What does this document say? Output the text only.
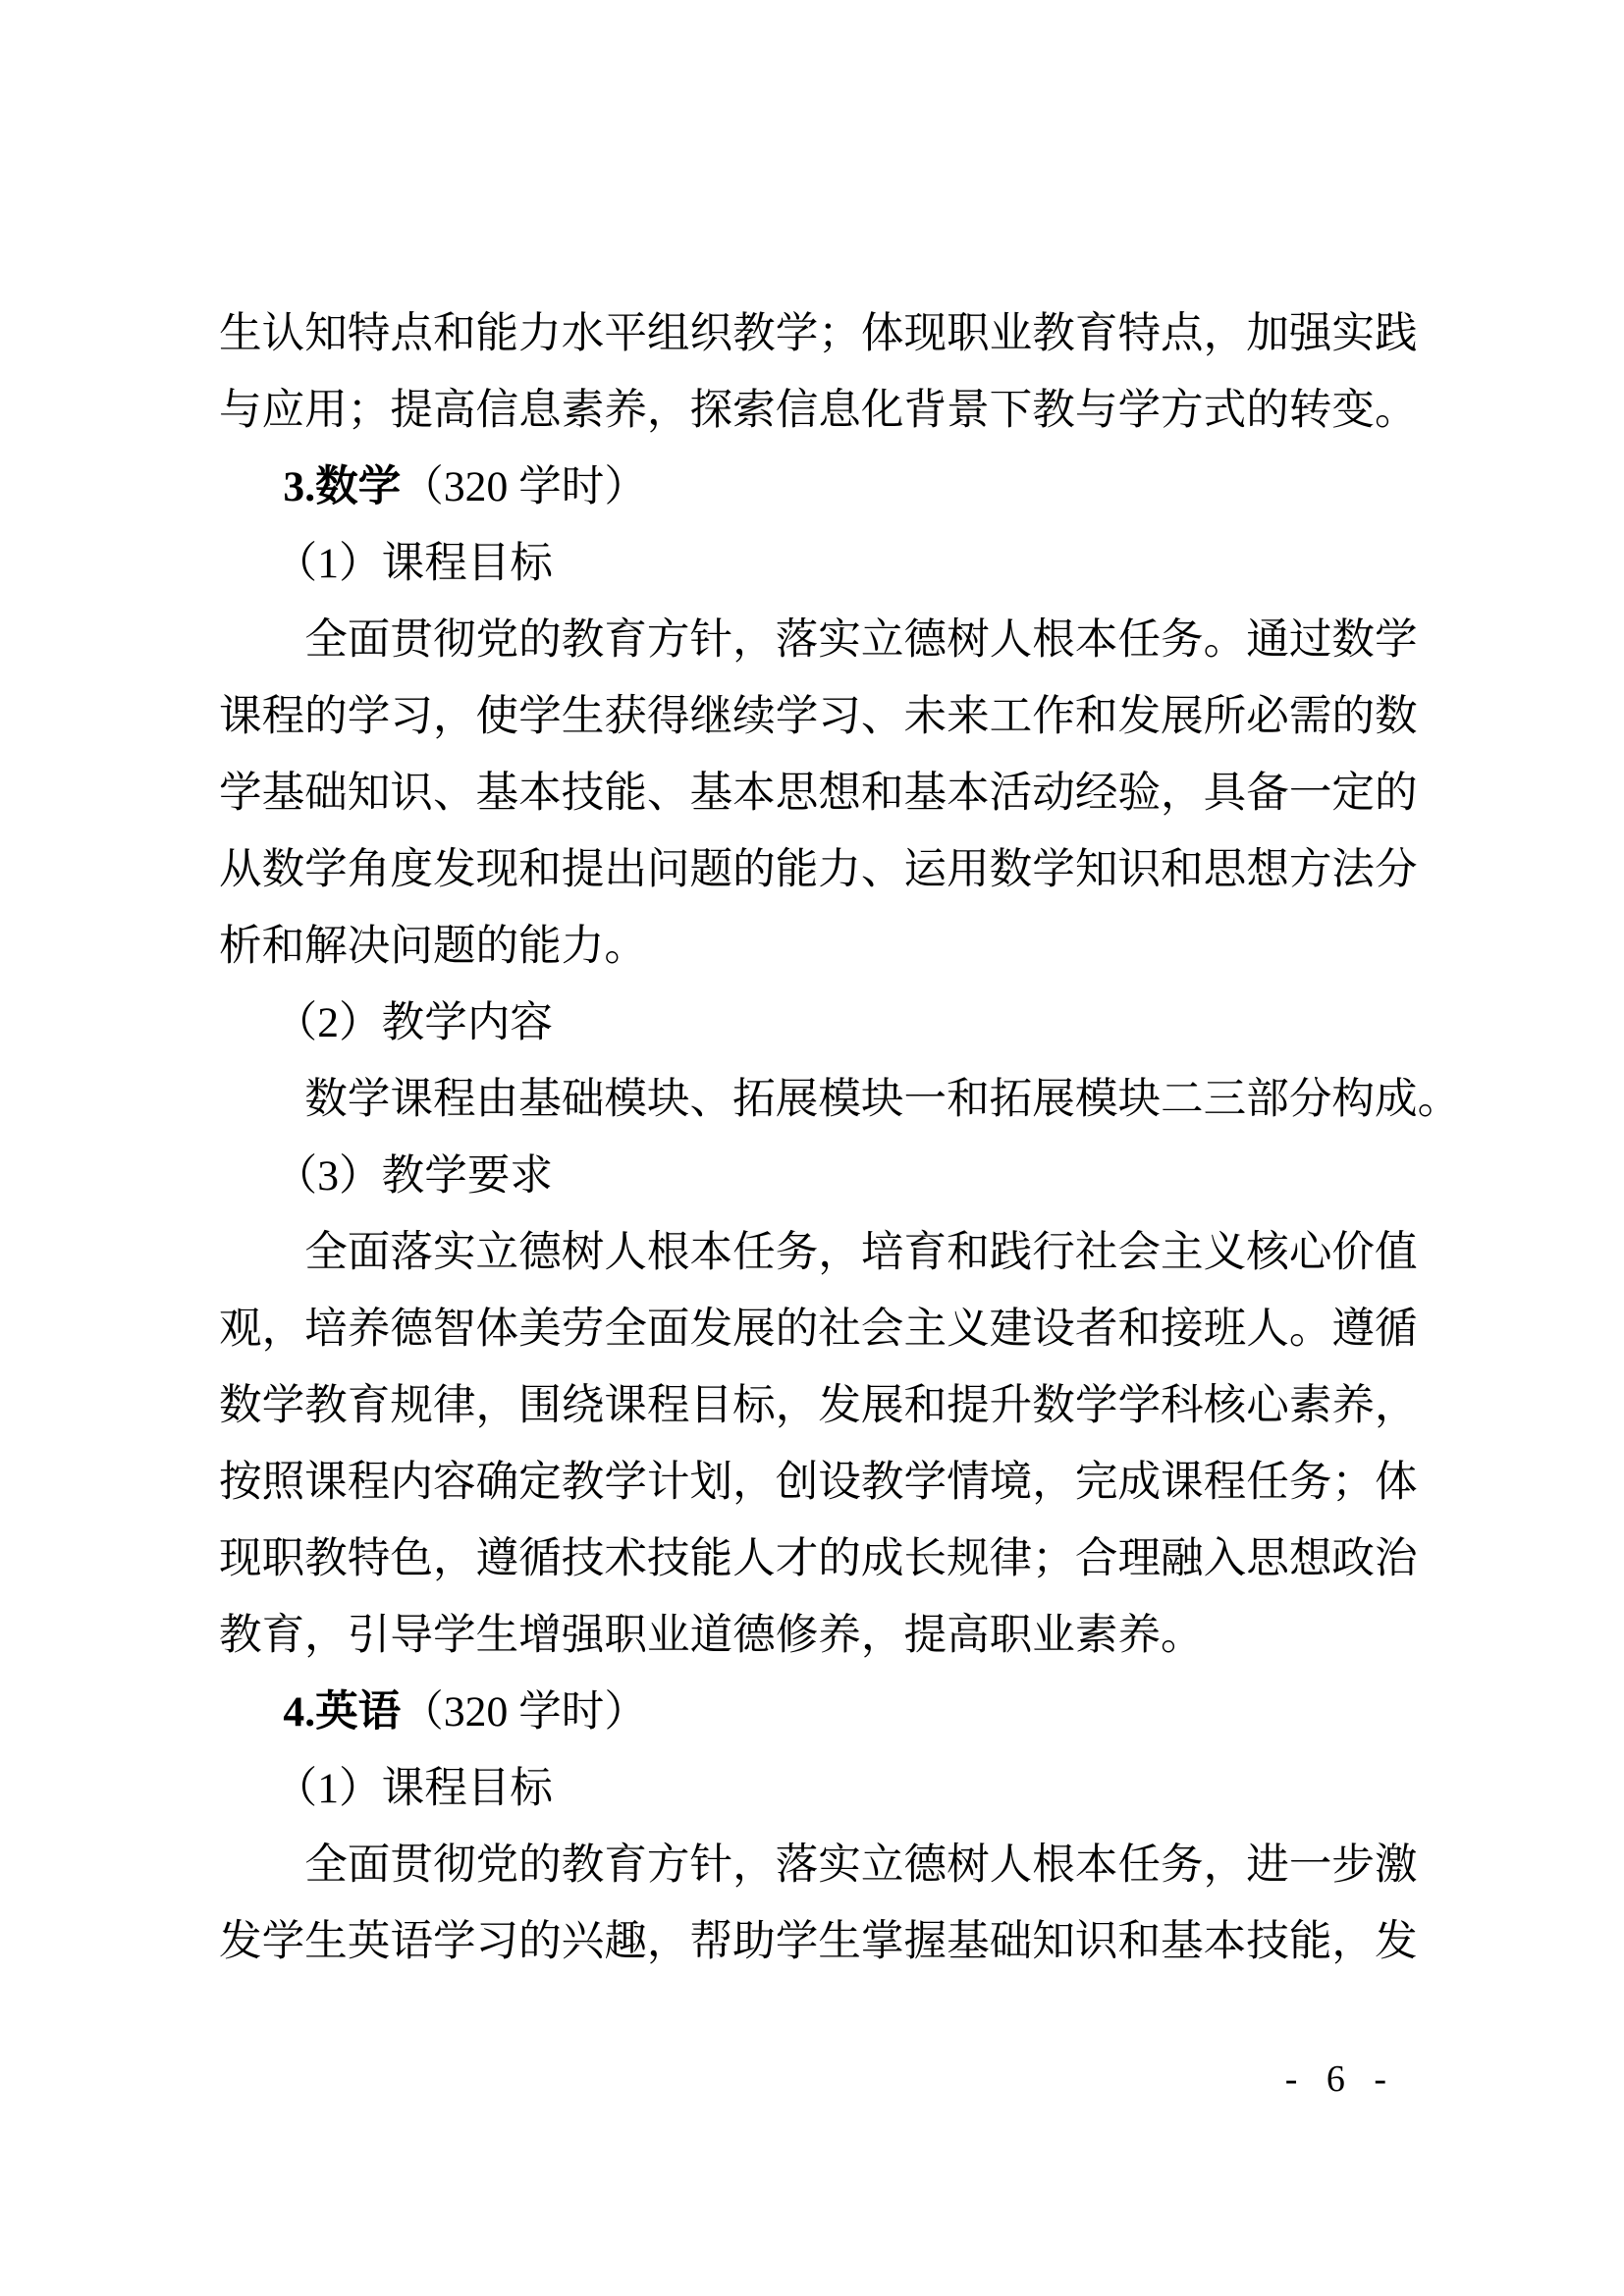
生认知特点和能力水平组织教学；体现职业教育特点，加强实践
与应用；提高信息素养，探索信息化背景下教与学方式的转变。
3.数学（320 学时）
（1）课程目标
全面贯彻党的教育方针，落实立德树人根本任务。通过数学
课程的学习，使学生获得继续学习、未来工作和发展所必需的数
学基础知识、基本技能、基本思想和基本活动经验，具备一定的
从数学角度发现和提出问题的能力、运用数学知识和思想方法分
析和解决问题的能力。
（2）教学内容
数学课程由基础模块、拓展模块一和拓展模块二三部分构成。
（3）教学要求
全面落实立德树人根本任务，培育和践行社会主义核心价值
观，培养德智体美劳全面发展的社会主义建设者和接班人。遵循
数学教育规律，围绕课程目标，发展和提升数学学科核心素养，
按照课程内容确定教学计划，创设教学情境，完成课程任务；体
现职教特色，遵循技术技能人才的成长规律；合理融入思想政治
教育，引导学生增强职业道德修养，提高职业素养。
4.英语（320 学时）
（1）课程目标
全面贯彻党的教育方针，落实立德树人根本任务，进一步激
发学生英语学习的兴趣，帮助学生掌握基础知识和基本技能，发
- 6 -
